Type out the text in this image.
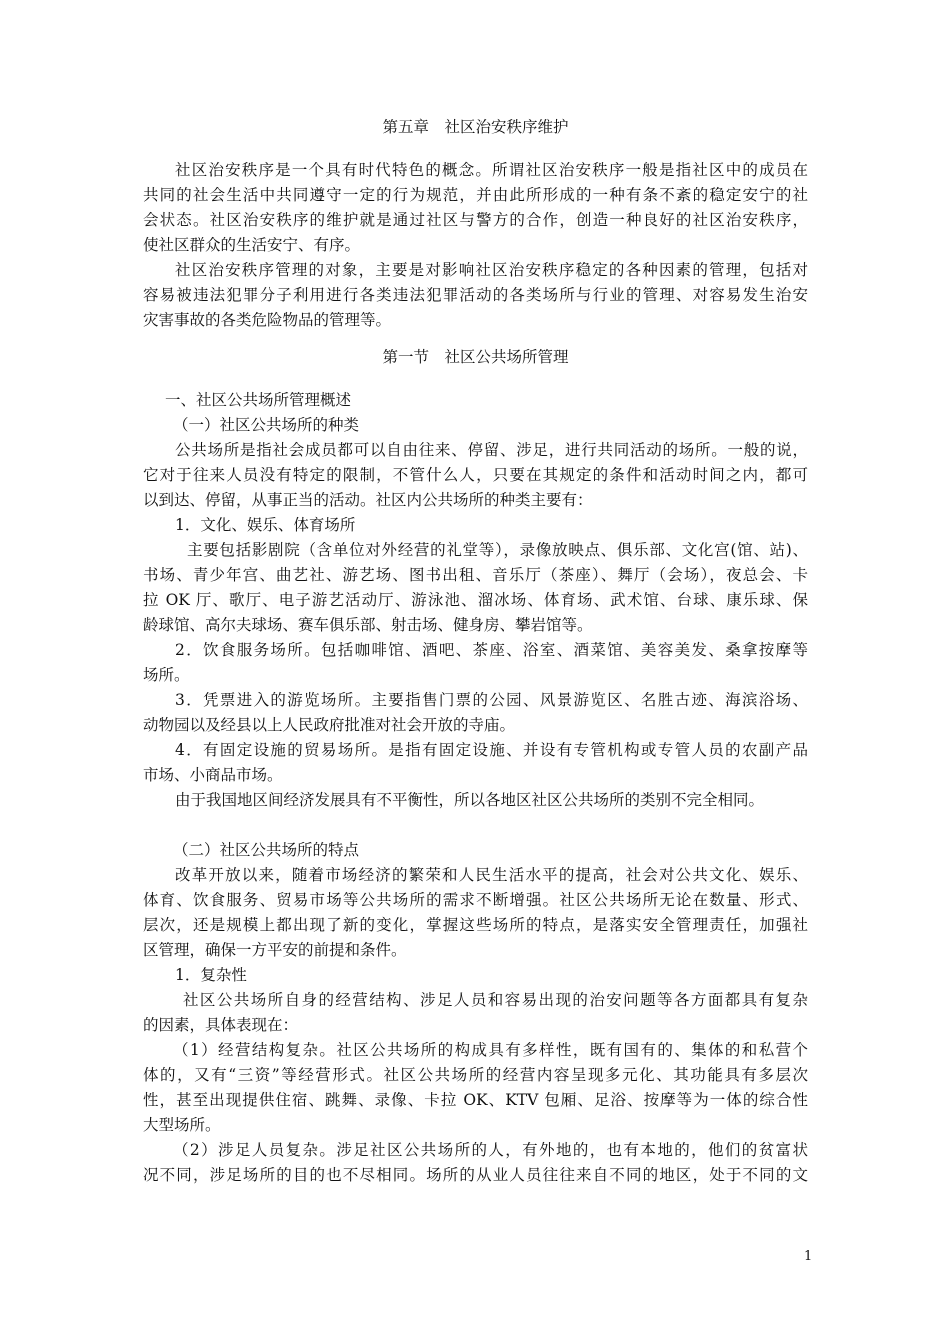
第五章　社区治安秩序维护
社区治安秩序是一个具有时代特色的概念。所谓社区治安秩序一般是指社区中的成员在
共同的社会生活中共同遵守一定的行为规范，并由此所形成的一种有条不紊的稳定安宁的社
会状态。社区治安秩序的维护就是通过社区与警方的合作，创造一种良好的社区治安秩序，
使社区群众的生活安宁、有序。
社区治安秩序管理的对象，主要是对影响社区治安秩序稳定的各种因素的管理，包括对
容易被违法犯罪分子利用进行各类违法犯罪活动的各类场所与行业的管理、对容易发生治安
灾害事故的各类危险物品的管理等。
第一节　社区公共场所管理
一、社区公共场所管理概述
（一）社区公共场所的种类
公共场所是指社会成员都可以自由往来、停留、涉足，进行共同活动的场所。一般的说，
它对于往来人员没有特定的限制，不管什么人，只要在其规定的条件和活动时间之内，都可
以到达、停留，从事正当的活动。社区内公共场所的种类主要有：
1．文化、娱乐、体育场所
主要包括影剧院（含单位对外经营的礼堂等），录像放映点、俱乐部、文化宫(馆、站)、
书场、青少年宫、曲艺社、游艺场、图书出租、音乐厅（茶座）、舞厅（会场），夜总会、卡
拉 OK 厅、歌厅、电子游艺活动厅、游泳池、溜冰场、体育场、武术馆、台球、康乐球、保
龄球馆、高尔夫球场、赛车俱乐部、射击场、健身房、攀岩馆等。
2．饮食服务场所。包括咖啡馆、酒吧、茶座、浴室、酒菜馆、美容美发、桑拿按摩等
场所。
3．凭票进入的游览场所。主要指售门票的公园、风景游览区、名胜古迹、海滨浴场、
动物园以及经县以上人民政府批准对社会开放的寺庙。
4．有固定设施的贸易场所。是指有固定设施、并设有专管机构或专管人员的农副产品
市场、小商品市场。
由于我国地区间经济发展具有不平衡性，所以各地区社区公共场所的类别不完全相同。
（二）社区公共场所的特点
改革开放以来，随着市场经济的繁荣和人民生活水平的提高，社会对公共文化、娱乐、
体育、饮食服务、贸易市场等公共场所的需求不断增强。社区公共场所无论在数量、形式、
层次，还是规模上都出现了新的变化，掌握这些场所的特点，是落实安全管理责任，加强社
区管理，确保一方平安的前提和条件。
1．复杂性
社区公共场所自身的经营结构、涉足人员和容易出现的治安问题等各方面都具有复杂
的因素，具体表现在：
（1）经营结构复杂。社区公共场所的构成具有多样性，既有国有的、集体的和私营个
体的，又有“三资”等经营形式。社区公共场所的经营内容呈现多元化、其功能具有多层次
性，甚至出现提供住宿、跳舞、录像、卡拉 OK、KTV 包厢、足浴、按摩等为一体的综合性
大型场所。
（2）涉足人员复杂。涉足社区公共场所的人，有外地的，也有本地的，他们的贫富状
况不同，涉足场所的目的也不尽相同。场所的从业人员往往来自不同的地区，处于不同的文
1
